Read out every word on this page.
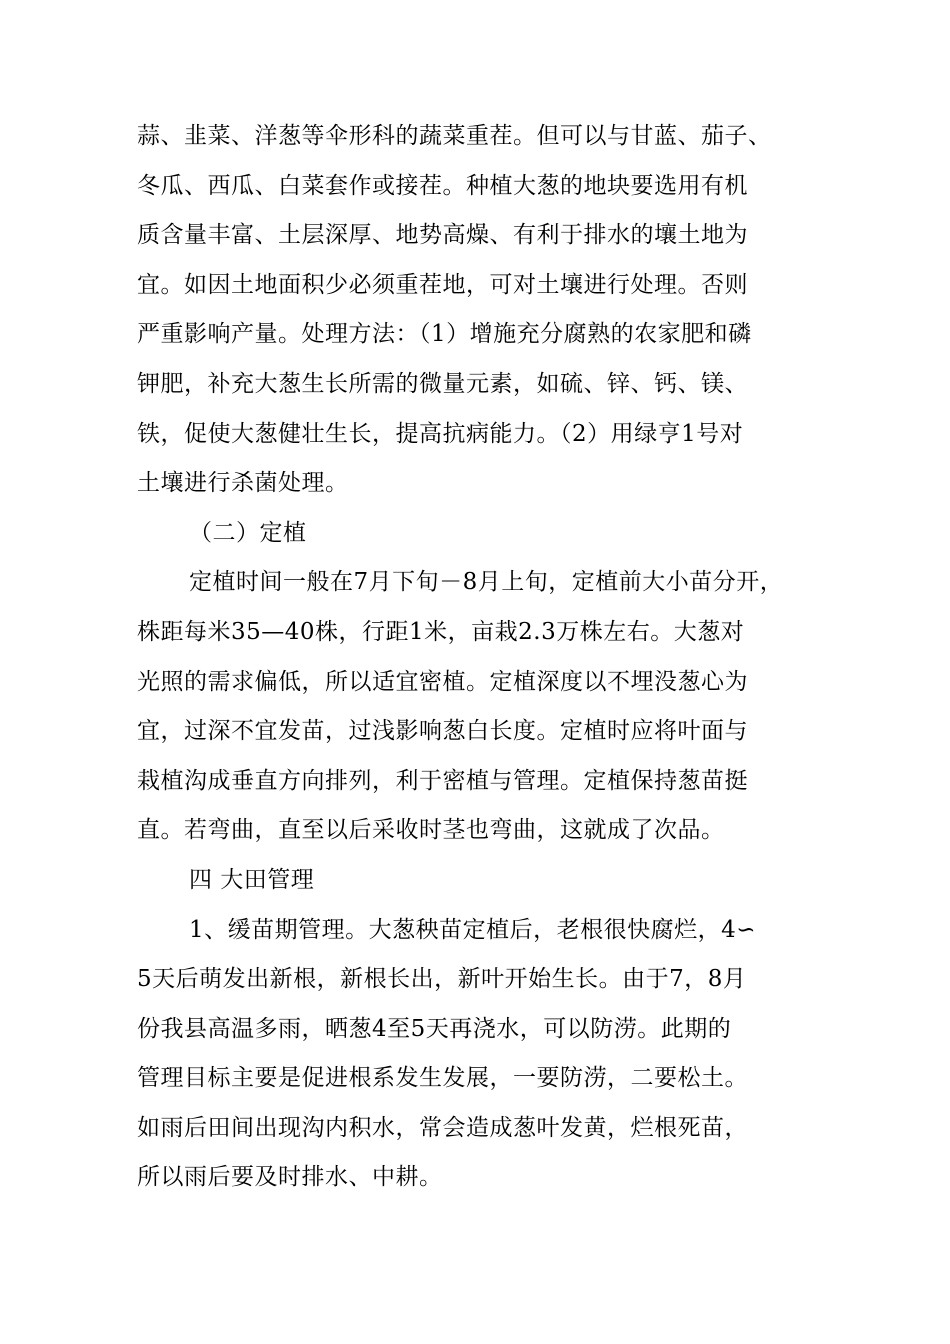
蒜、韭菜、洋葱等伞形科的蔬菜重茬。但可以与甘蓝、茄子、
冬瓜、西瓜、白菜套作或接茬。种植大葱的地块要选用有机
质含量丰富、土层深厚、地势高燥、有利于排水的壤土地为
宜。如因土地面积少必须重茬地，可对土壤进行处理。否则
严重影响产量。处理方法：（1）增施充分腐熟的农家肥和磷
钾肥，补充大葱生长所需的微量元素，如硫、锌、钙、镁、
铁，促使大葱健壮生长，提高抗病能力。（2）用绿亨1号对
土壤进行杀菌处理。
（二）定植
定植时间一般在7月下旬－8月上旬，定植前大小苗分开，
株距每米35—40株，行距1米，亩栽2.3万株左右。大葱对
光照的需求偏低，所以适宜密植。定植深度以不埋没葱心为
宜，过深不宜发苗，过浅影响葱白长度。定植时应将叶面与
栽植沟成垂直方向排列，利于密植与管理。定植保持葱苗挺
直。若弯曲，直至以后采收时茎也弯曲，这就成了次品。
四 大田管理
1、缓苗期管理。大葱秧苗定植后，老根很快腐烂，4∽
5天后萌发出新根，新根长出，新叶开始生长。由于7，8月
份我县高温多雨，晒葱4至5天再浇水，可以防涝。此期的
管理目标主要是促进根系发生发展，一要防涝，二要松土。
如雨后田间出现沟内积水，常会造成葱叶发黄，烂根死苗，
所以雨后要及时排水、中耕。
